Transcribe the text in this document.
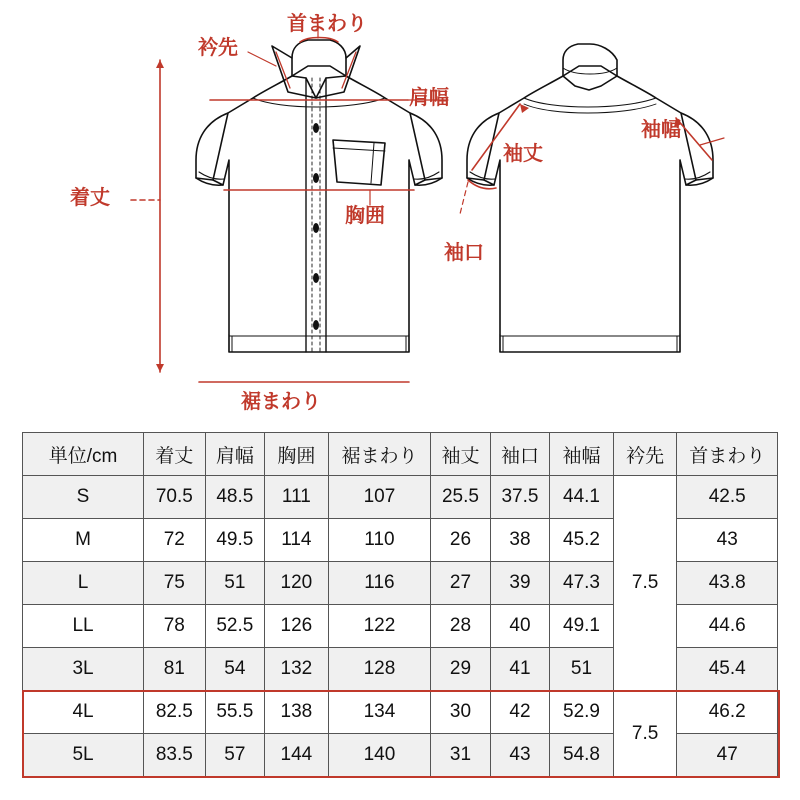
衿先
首まわり
肩幅
胸囲
着丈
裾まわり
袖丈
袖口
袖幅
単位/cm	着丈	肩幅	胸囲	裾まわり	袖丈	袖口	袖幅	衿先	首まわり
S	70.5	48.5	111	107	25.5	37.5	44.1	7.5	42.5
M	72	49.5	114	110	26	38	45.2		43
L	75	51	120	116	27	39	47.3		43.8
LL	78	52.5	126	122	28	40	49.1		44.6
3L	81	54	132	128	29	41	51		45.4
4L	82.5	55.5	138	134	30	42	52.9	7.5	46.2
5L	83.5	57	144	140	31	43	54.8		47
